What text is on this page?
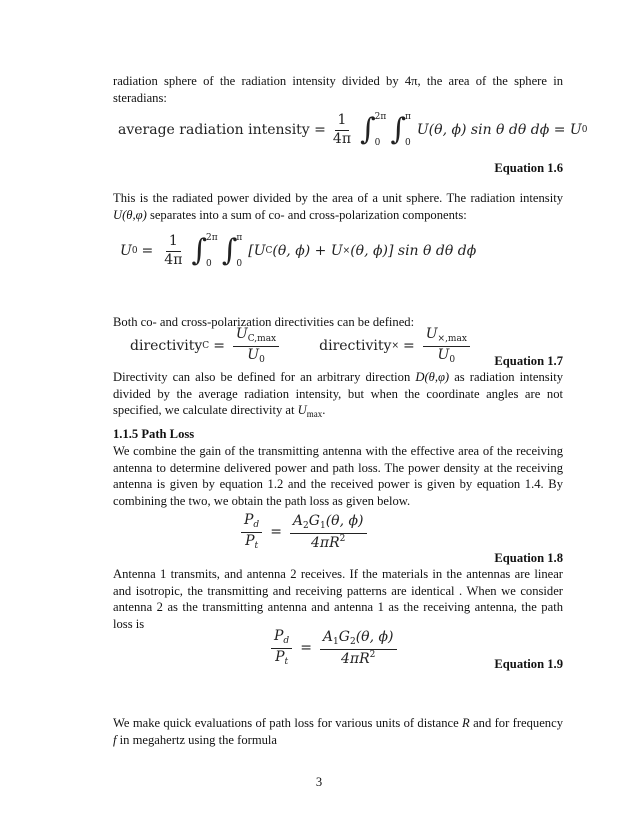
radiation sphere of the radiation intensity divided by 4π, the area of the sphere in steradians:

average radiation intensity = $\frac{1}{4\pi}$ ∫ 2π
0 ∫ π
0
U(θ, ϕ) sin θ dθ dϕ = U 0
Equation 1.6

This is the radiated power divided by the area of a unit sphere. The radiation intensity U(θ,φ) separates into a sum of co- and cross-polarization components:

U $0 = \frac{1}{4\pi}$ ∫ 2π
0 ∫ π
0
[U C (θ, ϕ) + U × (θ, ϕ)] sin θ dθ dϕ

Both co- and cross-polarization directivities can be defined:

directivity $C = \frac{U_{C,max}}{U_0}$	directivity × = $\frac{U_{\times,max}}{U_0}$ Equation 1.7

Directivity can also be defined for an arbitrary direction D(θ,φ) as radiation intensity divided by the average radiation intensity, but when the coordinate angles are not specified, we calculate directivity at $U_{max}$.

1.1.5 Path Loss

We combine the gain of the transmitting antenna with the effective area of the receiving antenna to determine delivered power and path loss. The power density at the receiving antenna is given by equation 1.2 and the received power is given by equation 1.4. By combining the two, we obtain the path loss as given below.

$\frac{P_d}{P_t} = \frac{A_2G_1(\theta, \phi)}{4\pi R^2}$
Equation 1.8

Antenna 1 transmits, and antenna 2 receives. If the materials in the antennas are linear and isotropic, the transmitting and receiving patterns are identical . When we consider antenna 2 as the transmitting antenna and antenna 1 as the receiving antenna, the path loss is

$\frac{P_d}{P_t} = \frac{A_1G_2(\theta, \phi)}{4\pi R^2}$	Equation 1.9

We make quick evaluations of path loss for various units of distance R and for frequency f in megahertz using the formula

3
